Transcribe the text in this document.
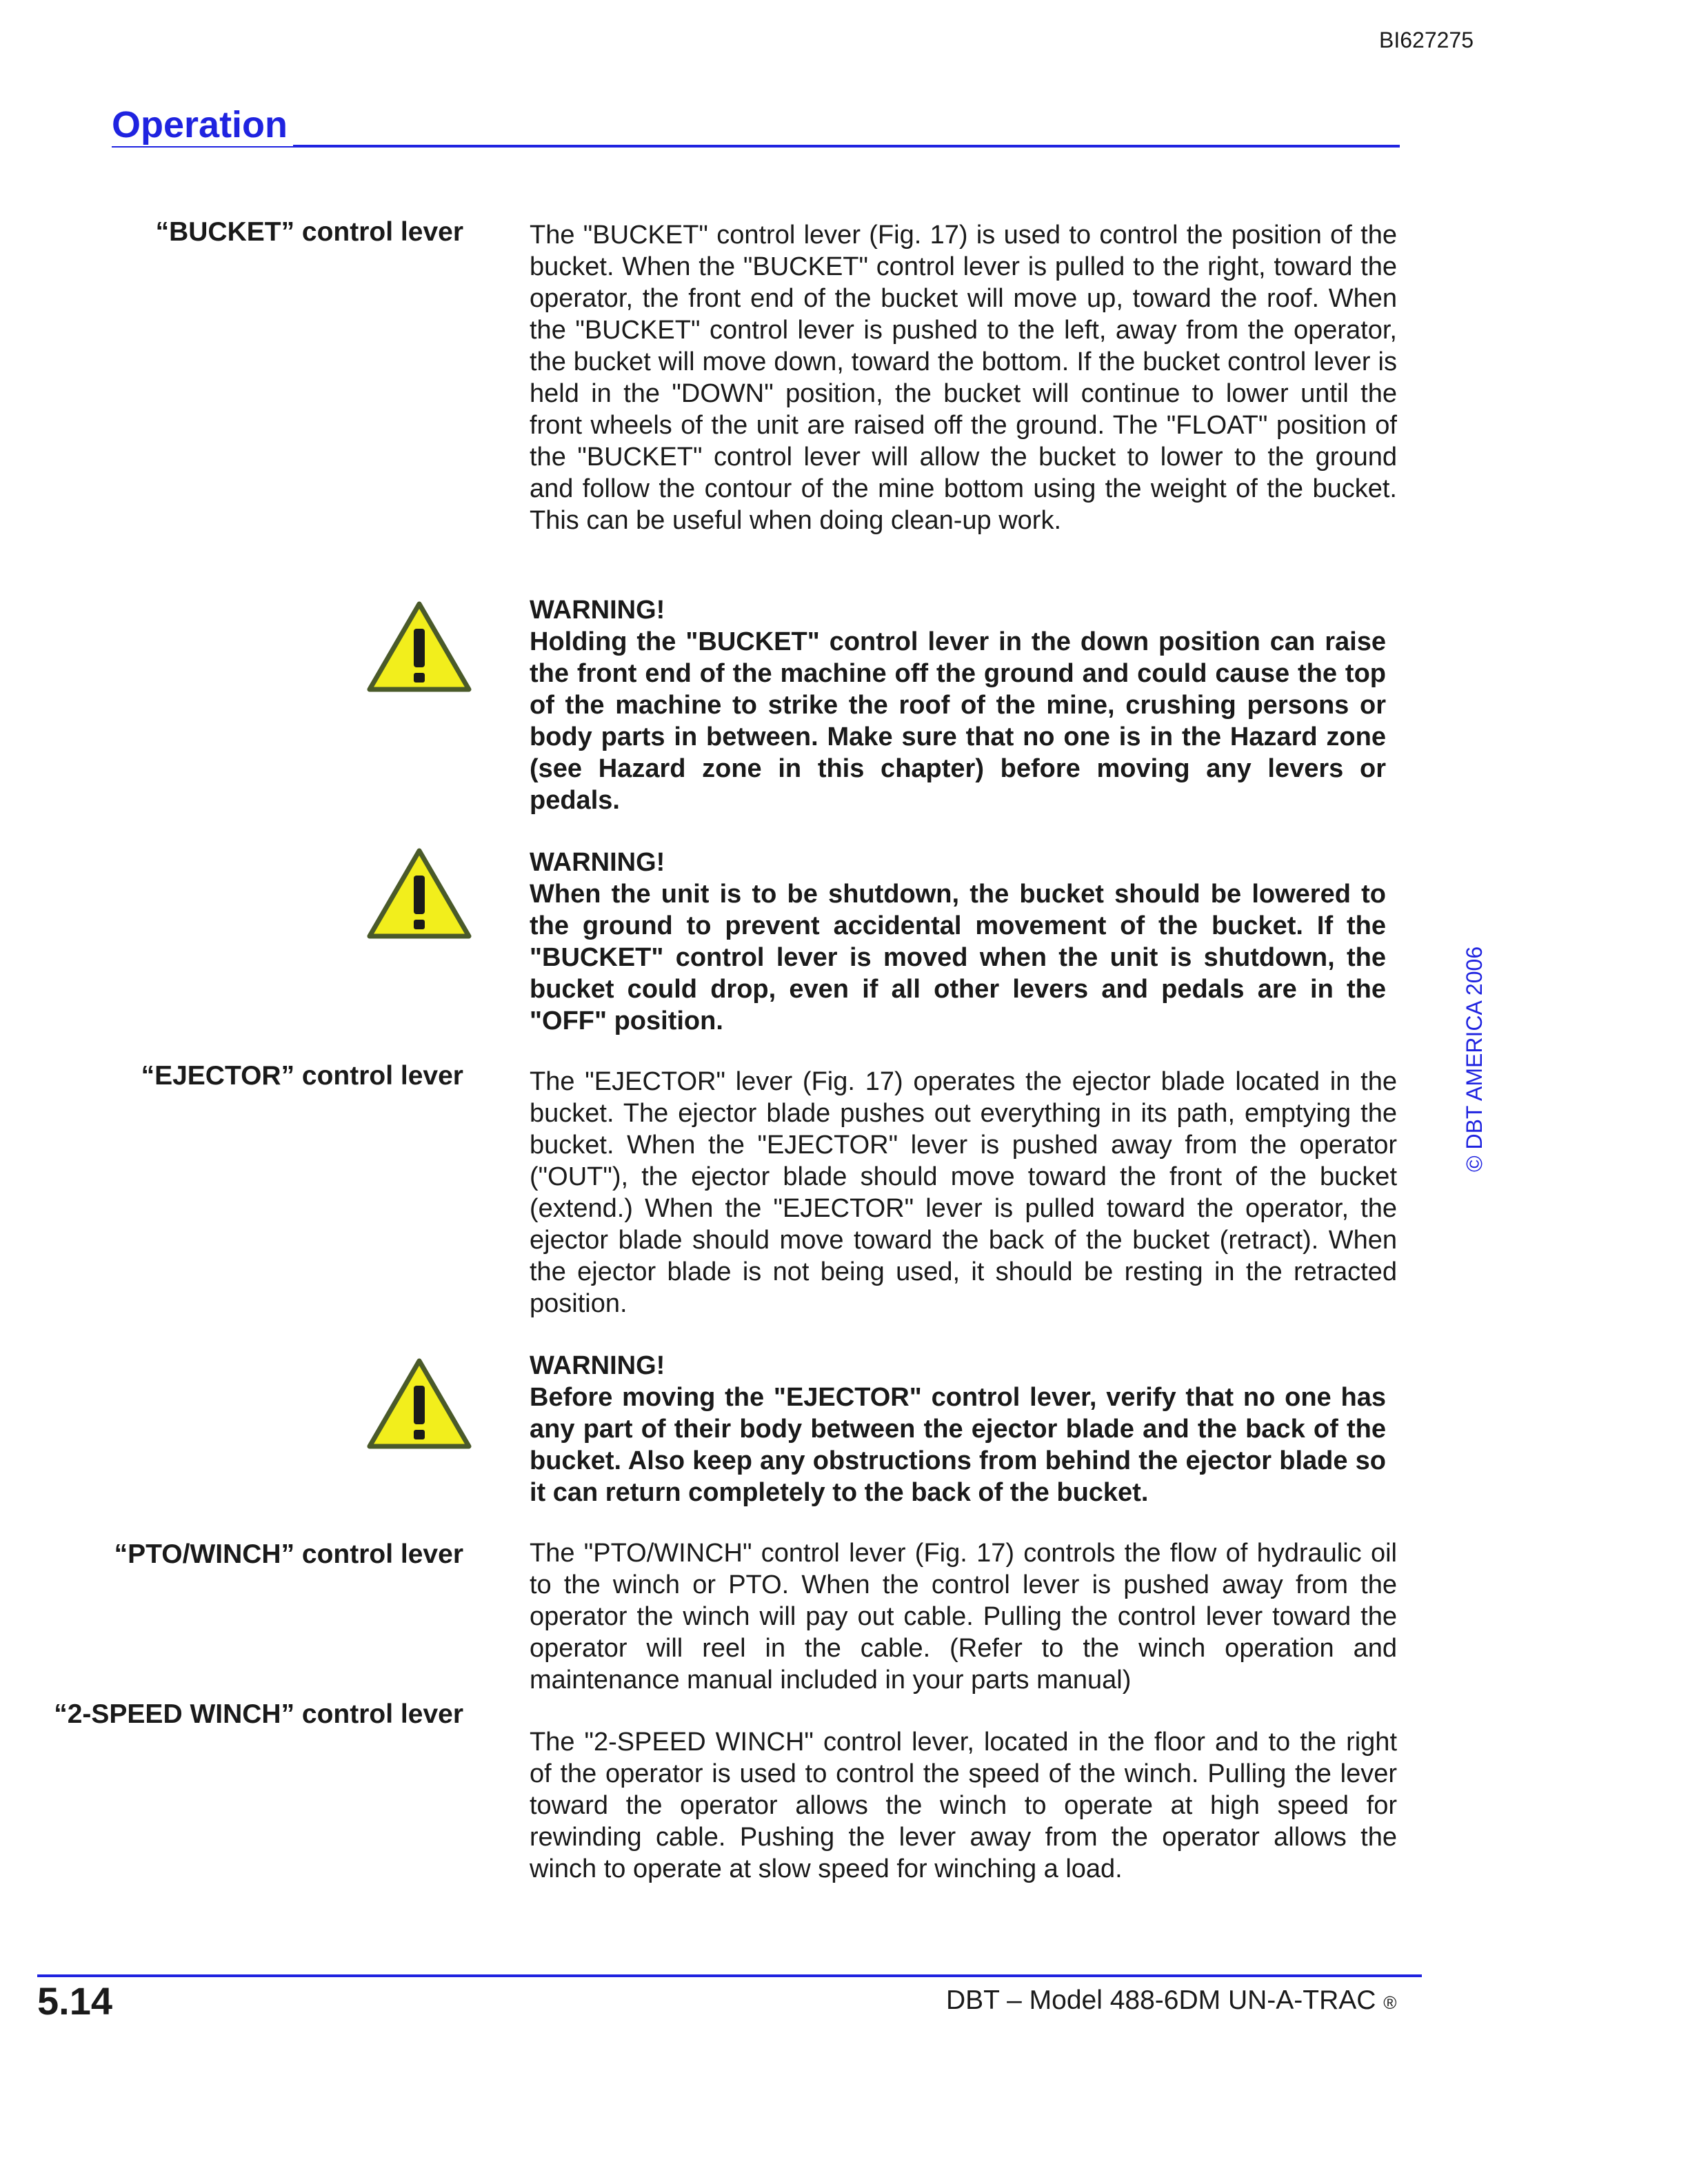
BI627275
Operation
“BUCKET” control lever	The "BUCKET" control lever (Fig. 17) is used to control the position of the bucket. When the "BUCKET" control lever is pulled to the right, toward the operator, the front end of the bucket will move up, toward the roof. When the "BUCKET" control lever is pushed to the left, away from the operator, the bucket will move down, toward the bottom. If the bucket control lever is held in the "DOWN" position, the bucket will continue to lower until the front wheels of the unit are raised off the ground. The "FLOAT" position of the "BUCKET" control lever will allow the bucket to lower to the ground and follow the contour of the mine bottom using the weight of the bucket. This can be useful when doing clean-up work.

WARNING!
Holding the "BUCKET" control lever in the down position can raise the front end of the machine off the ground and could cause the top of the machine to strike the roof of the mine, crushing persons or body parts in between. Make sure that no one is in the Hazard zone (see Hazard zone in this chapter) before moving any levers or pedals.
WARNING!
When the unit is to be shutdown, the bucket should be lowered to the ground to prevent accidental movement of the bucket. If the "BUCKET" control lever is moved when the unit is shutdown, the bucket could drop, even if all other levers and pedals are in the "OFF" position.
“EJECTOR” control lever	The "EJECTOR" lever (Fig. 17) operates the ejector blade located in the bucket. The ejector blade pushes out everything in its path, emptying the bucket. When the "EJECTOR" lever is pushed away from the operator ("OUT"), the ejector blade should move toward the front of the bucket (extend.) When the "EJECTOR" lever is pulled toward the operator, the ejector blade should move toward the back of the bucket (retract). When the ejector blade is not being used, it should be resting in the retracted position.

WARNING!
Before moving the "EJECTOR" control lever, verify that no one has any part of their body between the ejector blade and the back of the bucket. Also keep any obstructions from behind the ejector blade so it can return completely to the back of the bucket.
“PTO/WINCH” control lever	The "PTO/WINCH" control lever (Fig. 17) controls the flow of hydraulic oil to the winch or PTO. When the control lever is pushed away from the operator the winch will pay out cable. Pulling the control lever toward the operator will reel in the cable. (Refer to the winch operation and maintenance manual included in your parts manual)

“2-SPEED WINCH” control lever

The "2-SPEED WINCH" control lever, located in the floor and to the right of the operator is used to control the speed of the winch. Pulling the lever toward the operator allows the winch to operate at high speed for rewinding cable. Pushing the lever away from the operator allows the winch to operate at slow speed for winching a load.

© DBT AMERICA 2006
5.14	DBT – Model 488-6DM UN-A-TRAC ®
